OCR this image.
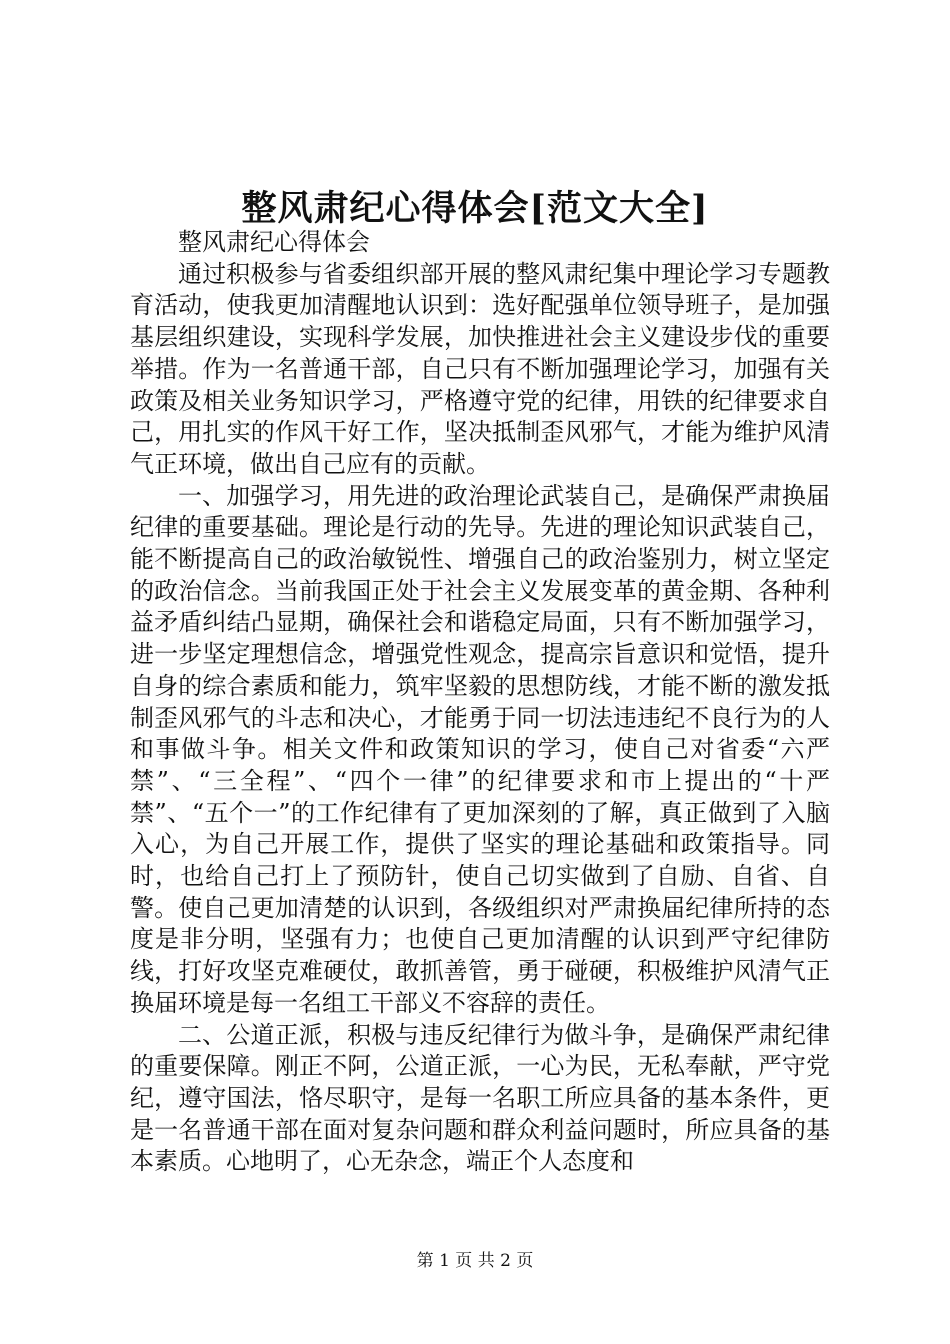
整风肃纪心得体会[范文大全]

整风肃纪心得体会

通过积极参与省委组织部开展的整风肃纪集中理论学习专题教育活动，使我更加清醒地认识到：选好配强单位领导班子，是加强基层组织建设，实现科学发展，加快推进社会主义建设步伐的重要举措。作为一名普通干部，自己只有不断加强理论学习，加强有关政策及相关业务知识学习，严格遵守党的纪律，用铁的纪律要求自己，用扎实的作风干好工作，坚决抵制歪风邪气，才能为维护风清气正环境，做出自己应有的贡献。

一、加强学习，用先进的政治理论武装自己，是确保严肃换届纪律的重要基础。理论是行动的先导。先进的理论知识武装自己，能不断提高自己的政治敏锐性、增强自己的政治鉴别力，树立坚定的政治信念。当前我国正处于社会主义发展变革的黄金期、各种利益矛盾纠结凸显期，确保社会和谐稳定局面，只有不断加强学习，进一步坚定理想信念，增强党性观念，提高宗旨意识和觉悟，提升自身的综合素质和能力，筑牢坚毅的思想防线，才能不断的激发抵制歪风邪气的斗志和决心，才能勇于同一切法违违纪不良行为的人和事做斗争。相关文件和政策知识的学习，使自己对省委“六严禁”、“三全程”、“四个一律”的纪律要求和市上提出的“十严禁”、“五个一”的工作纪律有了更加深刻的了解，真正做到了入脑入心，为自己开展工作，提供了坚实的理论基础和政策指导。同时，也给自己打上了预防针，使自己切实做到了自励、自省、自警。使自己更加清楚的认识到，各级组织对严肃换届纪律所持的态度是非分明，坚强有力；也使自己更加清醒的认识到严守纪律防线，打好攻坚克难硬仗，敢抓善管，勇于碰硬，积极维护风清气正换届环境是每一名组工干部义不容辞的责任。

二、公道正派，积极与违反纪律行为做斗争，是确保严肃纪律的重要保障。刚正不阿，公道正派，一心为民，无私奉献，严守党纪，遵守国法，恪尽职守，是每一名职工所应具备的基本条件，更是一名普通干部在面对复杂问题和群众利益问题时，所应具备的基本素质。心地明了，心无杂念，端正个人态度和

第 1 页 共 2 页
